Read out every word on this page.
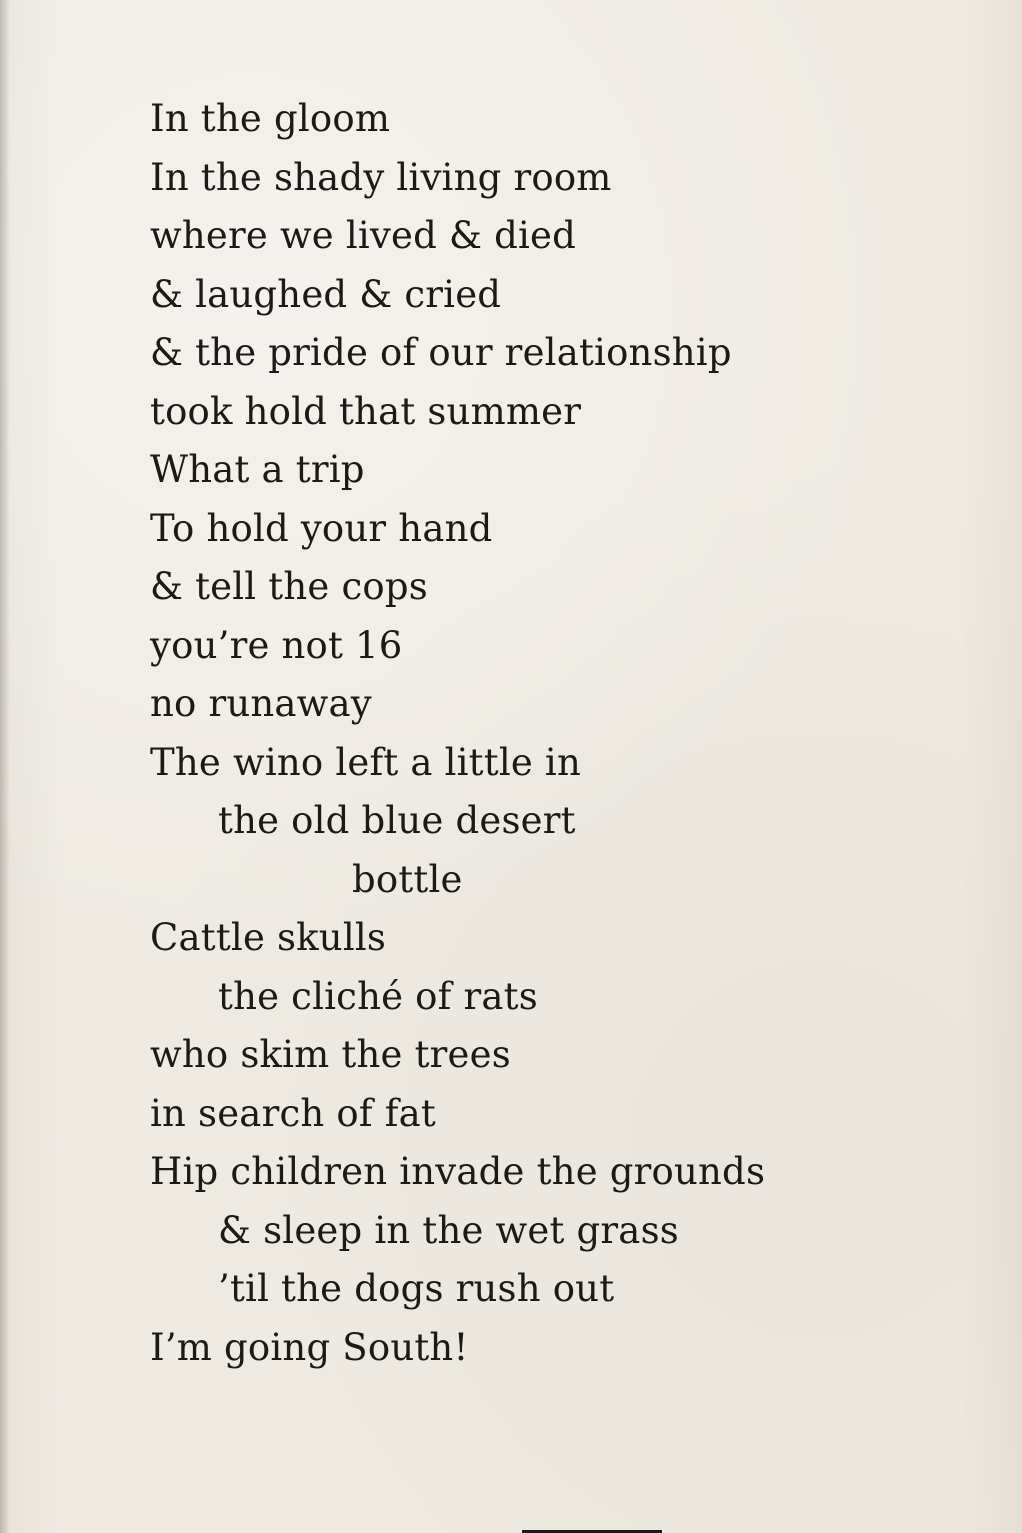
In the gloom
In the shady living room
where we lived & died
& laughed & cried
& the pride of our relationship
took hold that summer
What a trip
To hold your hand
& tell the cops
you’re not 16
no runaway
The wino left a little in
the old blue desert
bottle
Cattle skulls
the cliché of rats
who skim the trees
in search of fat
Hip children invade the grounds
& sleep in the wet grass
’til the dogs rush out
I’m going South!
